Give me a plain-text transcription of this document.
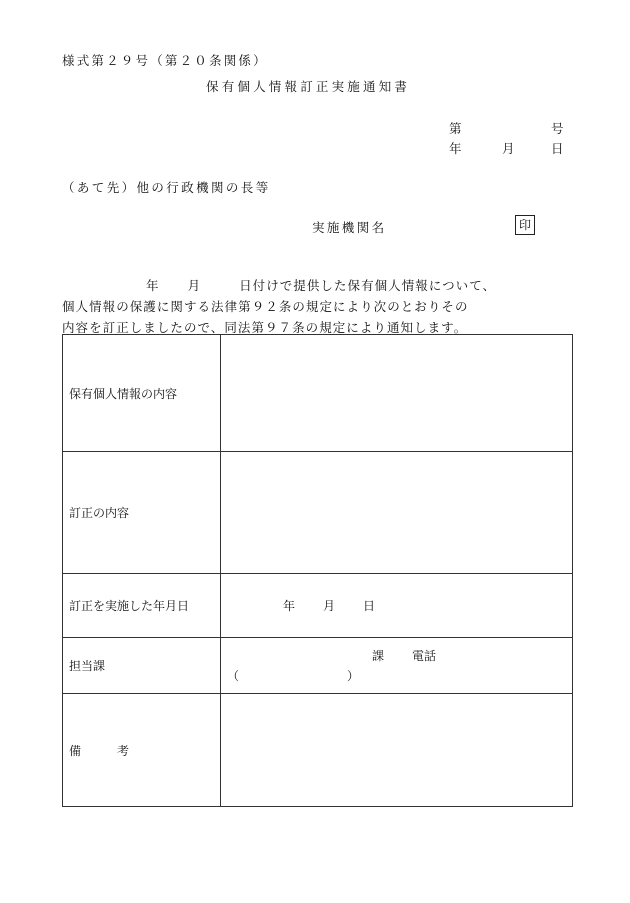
様式第２９号（第２０条関係）
保有個人情報訂正実施通知書
第	号
年	月	日
（あて先）他の行政機関の長等
実施機関名	印
年 月	日付けで提供した保有個人情報について、
個人情報の保護に関する法律第９２条の規定により次のとおりその
内容を訂正しましたので、同法第９７条の規定により通知します。
保有個人情報の内容	
訂正の内容	
訂正を実施した年月日	年 月 日
担当課	課 電話
（ ）

備　　　考	
